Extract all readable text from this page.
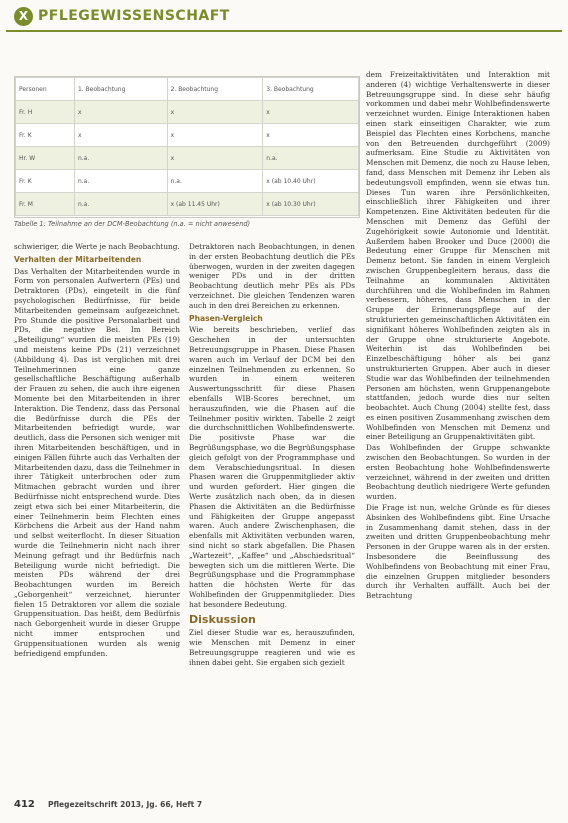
X PFLEGEWISSENSCHAFT
Personen	1. Beobachtung	2. Beobachtung	3. Beobachtung
Fr. H	x	x	x
Fr. K	x	x	x
Hr. W	n.a.	x	n.a.
Fr. K	n.a.	n.a.	x (ab 10.40 Uhr)
Fr. M	n.a.	x (ab 11.45 Uhr)	x (ab 10.30 Uhr)
Tabelle 1: Teilnahme an der DCM-Beobachtung (n.a. = nicht anwesend)

schwieriger, die Werte je nach Beobachtung.

Verhalten der Mitarbeitenden

Das Verhalten der Mitarbeitenden wurde in Form von personalen Aufwertern (PEs) und Detraktoren (PDs), eingeteilt in die fünf psychologischen Bedürfnisse, für beide Mitarbeitenden gemeinsam aufgezeichnet. Pro Stunde die positive Personalarbeit und PDs, die negative Bei. Im Bereich „Beteiligung“ wurden die meisten PEs (19) und meistens keine PDs (21) verzeichnet (Abbildung 4). Das ist verglichen mit drei Teilnehmerinnen eine ganze gesellschaftliche Beschäftigung außerhalb der Frauen zu sehen, die auch ihre eigenen Momente bei den Mitarbeitenden in ihrer Interaktion. Die Tendenz, dass das Personal die Bedürfnisse durch die PEs der Mitarbeitenden befriedigt wurde, war deutlich, dass die Personen sich weniger mit ihren Mitarbeitenden beschäftigen, und in einigen Fällen führte auch das Verhalten der Mitarbeitenden dazu, dass die Teilnehmer in ihrer Tätigkeit unterbrochen oder zum Mitmachen gebracht wurden und ihrer Bedürfnisse nicht entsprechend wurde. Dies zeigt etwa sich bei einer Mitarbeiterin, die einer Teilnehmerin beim Flechten eines Körbchens die Arbeit aus der Hand nahm und selbst weiterflocht. In dieser Situation wurde die Teilnehmerin nicht nach ihrer Meinung gefragt und ihr Bedürfnis nach Beteiligung wurde nicht befriedigt. Die meisten PDs während der drei Beobachtungen wurden im Bereich „Geborgenheit“ verzeichnet, hierunter fielen 15 Detraktoren vor allem die soziale Gruppensituation. Das heißt, dem Bedürfnis nach Geborgenheit wurde in dieser Gruppe nicht immer entsprochen und Gruppensituationen wurden als wenig befriedigend empfunden.

Detraktoren nach Beobachtungen, in denen in der ersten Beobachtung deutlich die PEs überwogen, wurden in der zweiten dagegen weniger PDs und in der dritten Beobachtung deutlich mehr PEs als PDs verzeichnet. Die gleichen Tendenzen waren auch in den drei Bereichen zu erkennen.

Phasen-Vergleich

Wie bereits beschrieben, verlief das Geschehen in der untersuchten Betreuungsgruppe in Phasen. Diese Phasen waren auch im Verlauf der DCM bei den einzelnen Teilnehmenden zu erkennen. So wurden in einem weiteren Auswertungsschritt für diese Phasen ebenfalls WIB-Scores berechnet, um herauszufinden, wie die Phasen auf die Teilnehmer positiv wirkten. Tabelle 2 zeigt die durchschnittlichen Wohlbefindenswerte. Die positivste Phase war die Begrüßungsphase, wo die Begrüßungsphase gleich gefolgt von der Programmphase und dem Verabschiedungsritual. In diesen Phasen waren die Gruppenmitglieder aktiv und wurden gefordert. Hier gingen die Werte zusätzlich nach oben, da in diesen Phasen die Aktivitäten an die Bedürfnisse und Fähigkeiten der Gruppe angepasst waren. Auch andere Zwischenphasen, die ebenfalls mit Aktivitäten verbunden waren, sind nicht so stark abgefallen. Die Phasen „Wartezeit“, „Kaffee“ und „Abschiedsritual“ bewegten sich um die mittleren Werte. Die Begrüßungsphase und die Programmphase hatten die höchsten Werte für das Wohlbefinden der Gruppenmitglieder. Dies hat besondere Bedeutung.

Diskussion

Ziel dieser Studie war es, herauszufinden, wie Menschen mit Demenz in einer Betreuungsgruppe reagieren und wie es ihnen dabei geht. Sie ergaben sich gezielt

dem Freizeitaktivitäten und Interaktion mit anderen (4) wichtige Verhaltenswerte in dieser Betreuungsgruppe sind. In diese sehr häufig vorkommen und dabei mehr Wohlbefindenswerte verzeichnet wurden. Einige Interaktionen haben einen stark einseitigen Charakter, wie zum Beispiel das Flechten eines Korbchens, manche von den Betreuenden durchgeführt (2009) aufmerksam. Eine Studie zu Aktivitäten von Menschen mit Demenz, die noch zu Hause leben, fand, dass Menschen mit Demenz ihr Leben als bedeutungsvoll empfinden, wenn sie etwas tun. Dieses Tun waren ihre Persönlichkeiten, einschließlich ihrer Fähigkeiten und ihrer Kompetenzen. Eine Aktivitäten bedeuten für die Menschen mit Demenz das Gefühl der Zugehörigkeit sowie Autonomie und Identität. Außerdem haben Brooker und Duce (2000) die Bedeutung einer Gruppe für Menschen mit Demenz betont. Sie fanden in einem Vergleich zwischen Gruppenbegleitern heraus, dass die Teilnahme an kommunalen Aktivitäten durchführen und die Wohlbefinden im Rahmen verbessern, höheres, dass Menschen in der Gruppe der Erinnerungspflege auf der strukturierten gemeinschaftlichen Aktivitäten ein signifikant höheres Wohlbefinden zeigten als in der Gruppe ohne strukturierte Angebote. Weiterhin ist das Wohlbefinden bei Einzelbeschäftigung höher als bei ganz unstrukturierten Gruppen. Aber auch in dieser Studie war das Wohlbefinden der teilnehmenden Personen am höchsten, wenn Gruppenangebote stattfanden, jedoch wurde dies nur selten beobachtet. Auch Chung (2004) stellte fest, dass es einen positiven Zusammenhang zwischen dem Wohlbefinden von Menschen mit Demenz und einer Beteiligung an Gruppenaktivitäten gibt.

Das Wohlbefinden der Gruppe schwankte zwischen den Beobachtungen. So wurden in der ersten Beobachtung hohe Wohlbefindenswerte verzeichnet, während in der zweiten und dritten Beobachtung deutlich niedrigere Werte gefunden wurden.

Die Frage ist nun, welche Gründe es für dieses Absinken des Wohlbefindens gibt. Eine Ursache in Zusammenhang damit stehen, dass in der zweiten und dritten Gruppenbeobachtung mehr Personen in der Gruppe waren als in der ersten. Insbesondere die Beeinflussung des Wohlbefindens von Beobachtung mit einer Frau, die einzelnen Gruppen mitglieder besonders durch ihr Verhalten auffällt. Auch bei der Betrachtung

412 Pflegezeitschrift 2013, Jg. 66, Heft 7
